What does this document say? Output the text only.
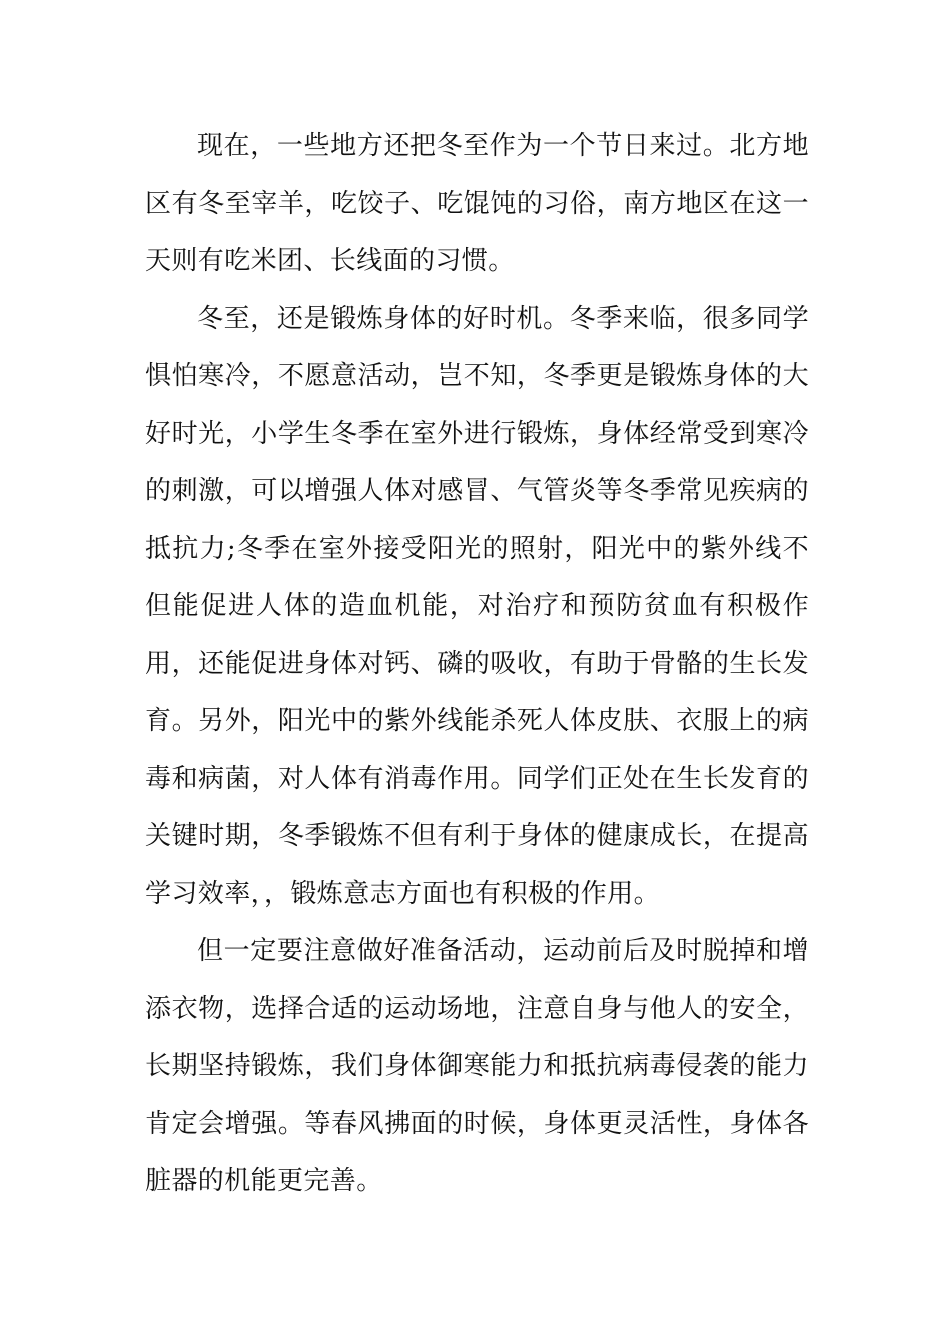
现在，一些地方还把冬至作为一个节日来过。北方地区有冬至宰羊，吃饺子、吃馄饨的习俗，南方地区在这一天则有吃米团、长线面的习惯。

冬至，还是锻炼身体的好时机。冬季来临，很多同学惧怕寒冷，不愿意活动，岂不知，冬季更是锻炼身体的大好时光，小学生冬季在室外进行锻炼，身体经常受到寒冷的刺激，可以增强人体对感冒、气管炎等冬季常见疾病的抵抗力;冬季在室外接受阳光的照射，阳光中的紫外线不但能促进人体的造血机能，对治疗和预防贫血有积极作用，还能促进身体对钙、磷的吸收，有助于骨骼的生长发育。另外，阳光中的紫外线能杀死人体皮肤、衣服上的病毒和病菌，对人体有消毒作用。同学们正处在生长发育的关键时期，冬季锻炼不但有利于身体的健康成长，在提高学习效率，，锻炼意志方面也有积极的作用。

但一定要注意做好准备活动，运动前后及时脱掉和增添衣物，选择合适的运动场地，注意自身与他人的安全，长期坚持锻炼，我们身体御寒能力和抵抗病毒侵袭的能力肯定会增强。等春风拂面的时候，身体更灵活性，身体各脏器的机能更完善。
